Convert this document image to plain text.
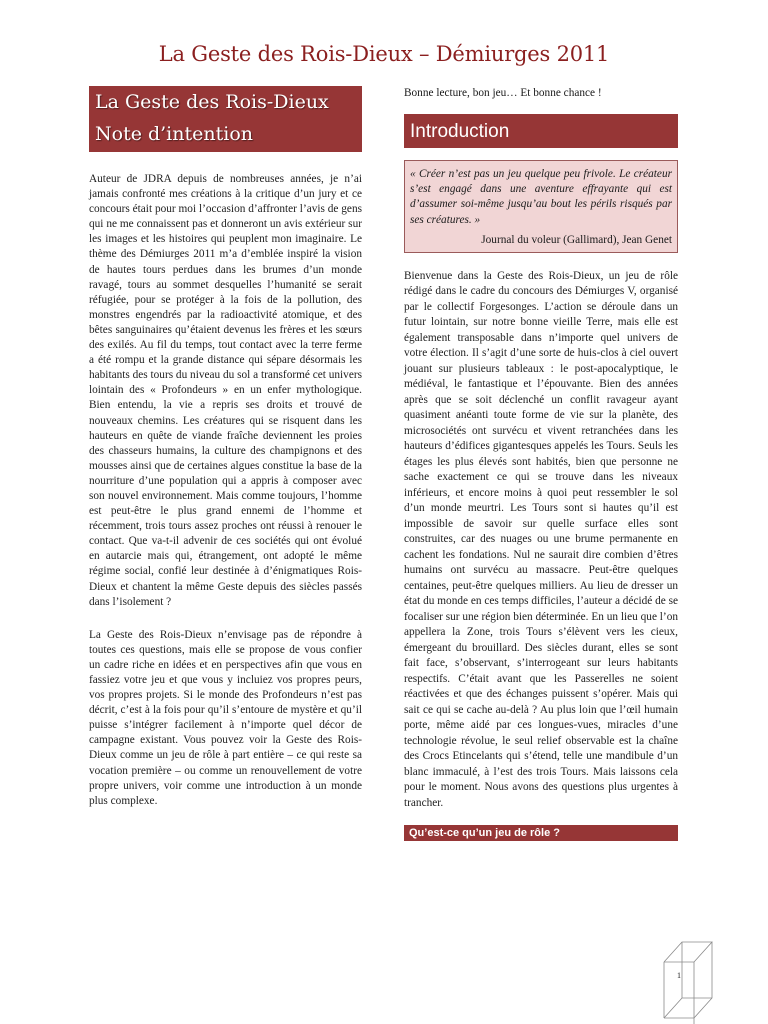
La Geste des Rois-Dieux – Démiurges 2011
La Geste des Rois-Dieux
Note d’intention

Auteur de JDRA depuis de nombreuses années, je n’ai jamais confronté mes créations à la critique d’un jury et ce concours était pour moi l’occasion d’affronter l’avis de gens qui ne me connaissent pas et donneront un avis extérieur sur les images et les histoires qui peuplent mon imaginaire. Le thème des Démiurges 2011 m’a d’emblée inspiré la vision de hautes tours perdues dans les brumes d’un monde ravagé, tours au sommet desquelles l’humanité se serait réfugiée, pour se protéger à la fois de la pollution, des monstres engendrés par la radioactivité atomique, et des bêtes sanguinaires qu’étaient devenus les frères et les sœurs des exilés. Au fil du temps, tout contact avec la terre ferme a été rompu et la grande distance qui sépare désormais les habitants des tours du niveau du sol a transformé cet univers lointain des « Profondeurs » en un enfer mythologique. Bien entendu, la vie a repris ses droits et trouvé de nouveaux chemins. Les créatures qui se risquent dans les hauteurs en quête de viande fraîche deviennent les proies des chasseurs humains, la culture des champignons et des mousses ainsi que de certaines algues constitue la base de la nourriture d’une population qui a appris à composer avec son nouvel environnement. Mais comme toujours, l’homme est peut-être le plus grand ennemi de l’homme et récemment, trois tours assez proches ont réussi à renouer le contact. Que va-t-il advenir de ces sociétés qui ont évolué en autarcie mais qui, étrangement, ont adopté le même régime social, confié leur destinée à d’énigmatiques Rois-Dieux et chantent la même Geste depuis des siècles passés dans l’isolement ?

La Geste des Rois-Dieux n’envisage pas de répondre à toutes ces questions, mais elle se propose de vous confier un cadre riche en idées et en perspectives afin que vous en fassiez votre jeu et que vous y incluiez vos propres peurs, vos propres projets. Si le monde des Profondeurs n’est pas décrit, c’est à la fois pour qu’il s’entoure de mystère et qu’il puisse s’intégrer facilement à n’importe quel décor de campagne existant. Vous pouvez voir la Geste des Rois-Dieux comme un jeu de rôle à part entière – ce qui reste sa vocation première – ou comme un renouvellement de votre propre univers, voir comme une introduction à un monde plus complexe.

Bonne lecture, bon jeu… Et bonne chance !

Introduction

« Créer n’est pas un jeu quelque peu frivole. Le créateur s’est engagé dans une aventure effrayante qui est d’assumer soi-même jusqu’au bout les périls risqués par ses créatures. »

Journal du voleur (Gallimard), Jean Genet

Bienvenue dans la Geste des Rois-Dieux, un jeu de rôle rédigé dans le cadre du concours des Démiurges V, organisé par le collectif Forgesonges. L’action se déroule dans un futur lointain, sur notre bonne vieille Terre, mais elle est également transposable dans n’importe quel univers de votre élection. Il s’agit d’une sorte de huis-clos à ciel ouvert jouant sur plusieurs tableaux : le post-apocalyptique, le médiéval, le fantastique et l’épouvante. Bien des années après que se soit déclenché un conflit ravageur ayant quasiment anéanti toute forme de vie sur la planète, des microsociétés ont survécu et vivent retranchées dans les hauteurs d’édifices gigantesques appelés les Tours. Seuls les étages les plus élevés sont habités, bien que personne ne sache exactement ce qui se trouve dans les niveaux inférieurs, et encore moins à quoi peut ressembler le sol d’un monde meurtri. Les Tours sont si hautes qu’il est impossible de savoir sur quelle surface elles sont construites, car des nuages ou une brume permanente en cachent les fondations. Nul ne saurait dire combien d’êtres humains ont survécu au massacre. Peut-être quelques centaines, peut-être quelques milliers. Au lieu de dresser un état du monde en ces temps difficiles, l’auteur a décidé de se focaliser sur une région bien déterminée. En un lieu que l’on appellera la Zone, trois Tours s’élèvent vers les cieux, émergeant du brouillard. Des siècles durant, elles se sont fait face, s’observant, s’interrogeant sur leurs habitants respectifs. C’était avant que les Passerelles ne soient réactivées et que des échanges puissent s’opérer. Mais qui sait ce qui se cache au-delà ? Au plus loin que l’œil humain porte, même aidé par ces longues-vues, miracles d’une technologie révolue, le seul relief observable est la chaîne des Crocs Etincelants qui s’étend, telle une mandibule d’un blanc immaculé, à l’est des trois Tours. Mais laissons cela pour le moment. Nous avons des questions plus urgentes à trancher.

Qu’est-ce qu’un jeu de rôle ?
1
